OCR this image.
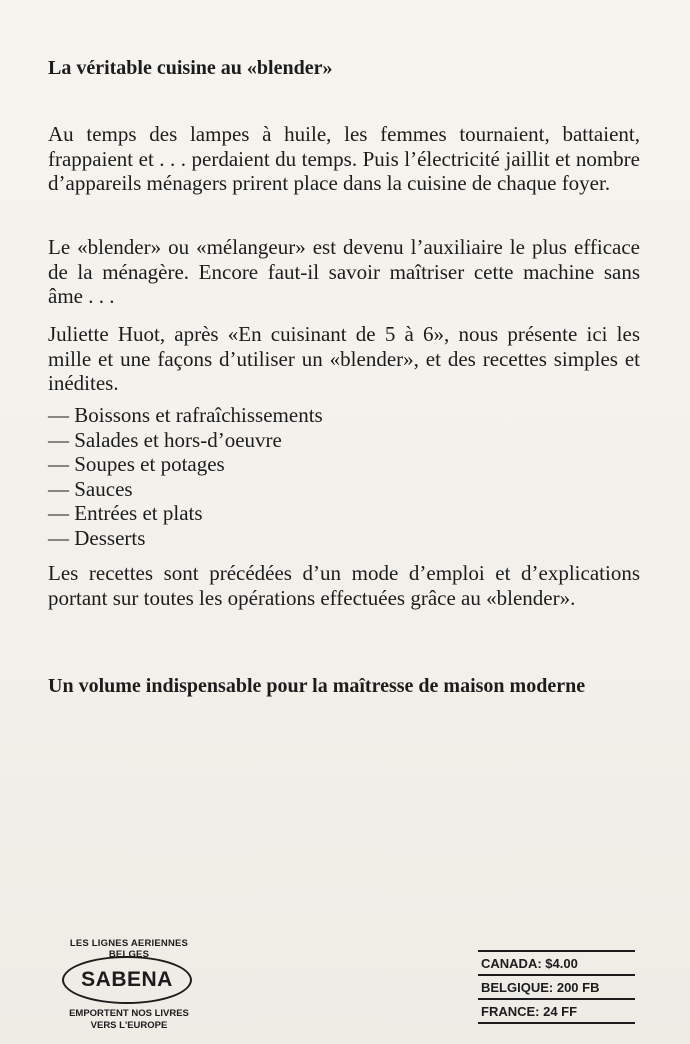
La véritable cuisine au «blender»
Au temps des lampes à huile, les femmes tournaient, battaient, frappaient et . . . perdaient du temps. Puis l’électricité jaillit et nombre d’appareils ménagers prirent place dans la cuisine de chaque foyer.
Le «blender» ou «mélangeur» est devenu l’auxiliaire le plus efficace de la ménagère. Encore faut-il savoir maîtriser cette machine sans âme . . .
Juliette Huot, après «En cuisinant de 5 à 6», nous présente ici les mille et une façons d’utiliser un «blender», et des recettes simples et inédites.
— Boissons et rafraîchissements
— Salades et hors-d’oeuvre
— Soupes et potages
— Sauces
— Entrées et plats
— Desserts
Les recettes sont précédées d’un mode d’emploi et d’explications portant sur toutes les opérations effectuées grâce au «blender».
Un volume indispensable pour la maîtresse de maison moderne
LES LIGNES AERIENNES BELGES
SABENA
EMPORTENT NOS LIVRES
VERS L'EUROPE
CANADA: $4.00
BELGIQUE: 200 FB
FRANCE: 24 FF
